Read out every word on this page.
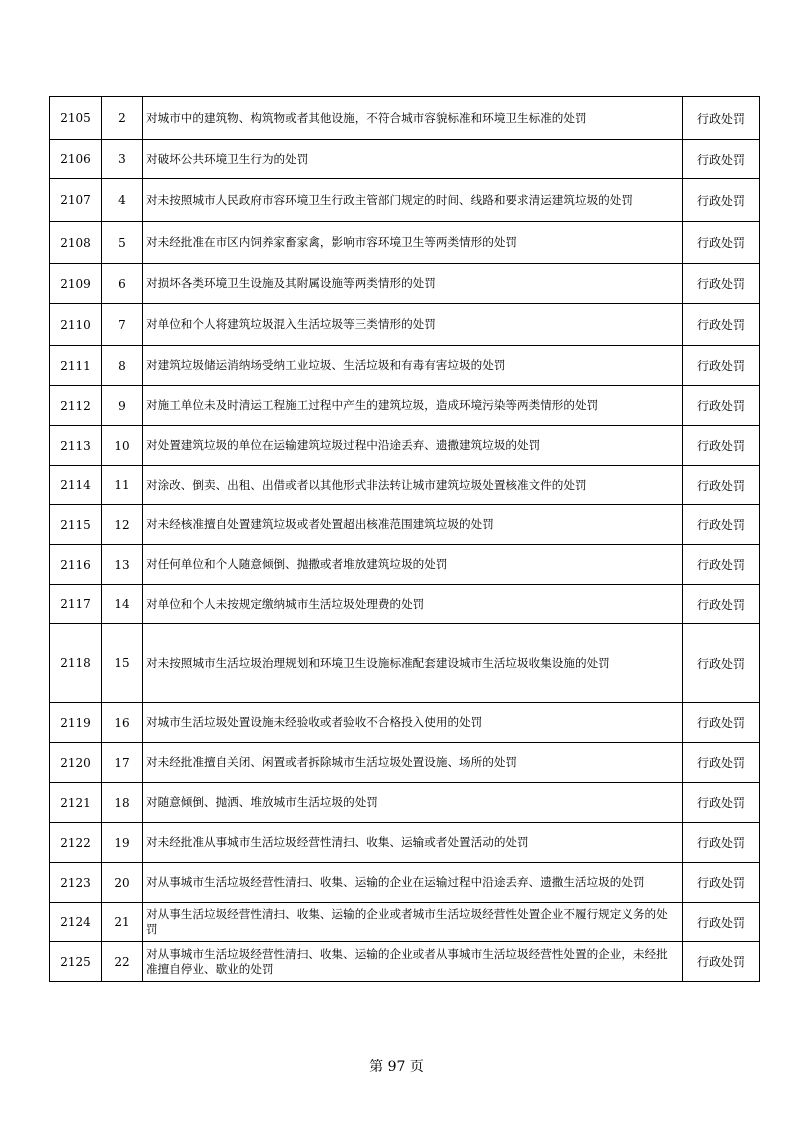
2105	2	对城市中的建筑物、构筑物或者其他设施，不符合城市容貌标准和环境卫生标准的处罚	行政处罚
2106	3	对破坏公共环境卫生行为的处罚	行政处罚
2107	4	对未按照城市人民政府市容环境卫生行政主管部门规定的时间、线路和要求清运建筑垃圾的处罚	行政处罚
2108	5	对未经批准在市区内饲养家畜家禽，影响市容环境卫生等两类情形的处罚	行政处罚
2109	6	对损坏各类环境卫生设施及其附属设施等两类情形的处罚	行政处罚
2110	7	对单位和个人将建筑垃圾混入生活垃圾等三类情形的处罚	行政处罚
2111	8	对建筑垃圾储运消纳场受纳工业垃圾、生活垃圾和有毒有害垃圾的处罚	行政处罚
2112	9	对施工单位未及时清运工程施工过程中产生的建筑垃圾，造成环境污染等两类情形的处罚	行政处罚
2113	10	对处置建筑垃圾的单位在运输建筑垃圾过程中沿途丢弃、遗撒建筑垃圾的处罚	行政处罚
2114	11	对涂改、倒卖、出租、出借或者以其他形式非法转让城市建筑垃圾处置核准文件的处罚	行政处罚
2115	12	对未经核准擅自处置建筑垃圾或者处置超出核准范围建筑垃圾的处罚	行政处罚
2116	13	对任何单位和个人随意倾倒、抛撒或者堆放建筑垃圾的处罚	行政处罚
2117	14	对单位和个人未按规定缴纳城市生活垃圾处理费的处罚	行政处罚
2118	15	对未按照城市生活垃圾治理规划和环境卫生设施标准配套建设城市生活垃圾收集设施的处罚	行政处罚
2119	16	对城市生活垃圾处置设施未经验收或者验收不合格投入使用的处罚	行政处罚
2120	17	对未经批准擅自关闭、闲置或者拆除城市生活垃圾处置设施、场所的处罚	行政处罚
2121	18	对随意倾倒、抛洒、堆放城市生活垃圾的处罚	行政处罚
2122	19	对未经批准从事城市生活垃圾经营性清扫、收集、运输或者处置活动的处罚	行政处罚
2123	20	对从事城市生活垃圾经营性清扫、收集、运输的企业在运输过程中沿途丢弃、遗撒生活垃圾的处罚	行政处罚
2124	21	对从事生活垃圾经营性清扫、收集、运输的企业或者城市生活垃圾经营性处置企业不履行规定义务的处罚	行政处罚
2125	22	对从事城市生活垃圾经营性清扫、收集、运输的企业或者从事城市生活垃圾经营性处置的企业，未经批准擅自停业、歇业的处罚	行政处罚
第 97 页
